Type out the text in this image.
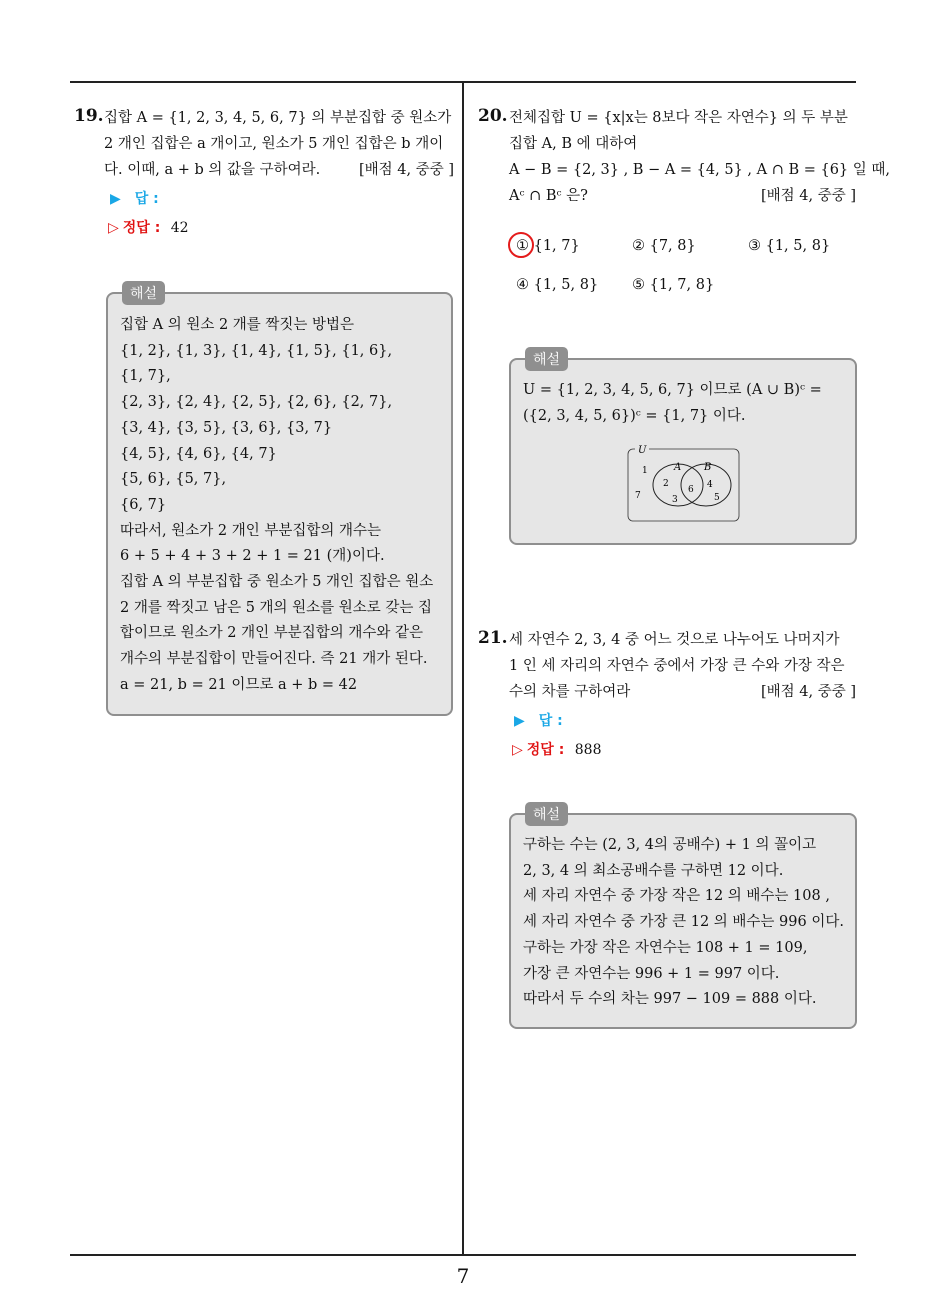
7
19. 집합 A = {1, 2, 3, 4, 5, 6, 7} 의 부분집합 중 원소가
2 개인 집합은 a 개이고, 원소가 5 개인 집합은 b 개이
다. 이때, a + b 의 값을 구하여라.	[배점 4, 중중 ]
▶ 답 :
▷ 정답 : 42
해설
집합 A 의 원소 2 개를 짝짓는 방법은
{1, 2}, {1, 3}, {1, 4}, {1, 5}, {1, 6},
{1, 7},
{2, 3}, {2, 4}, {2, 5}, {2, 6}, {2, 7},
{3, 4}, {3, 5}, {3, 6}, {3, 7}
{4, 5}, {4, 6}, {4, 7}
{5, 6}, {5, 7},
{6, 7}
따라서, 원소가 2 개인 부분집합의 개수는
6 + 5 + 4 + 3 + 2 + 1 = 21 (개)이다.
집합 A 의 부분집합 중 원소가 5 개인 집합은 원소
2 개를 짝짓고 남은 5 개의 원소를 원소로 갖는 집
합이므로 원소가 2 개인 부분집합의 개수와 같은
개수의 부분집합이 만들어진다. 즉 21 개가 된다.
a = 21, b = 21 이므로 a + b = 42
20. 전체집합 U = {x|x는 8보다 작은 자연수} 의 두 부분
집합 A, B 에 대하여
A − B = {2, 3} , B − A = {4, 5} , A ∩ B = {6} 일 때,
Aᶜ ∩ Bᶜ 은?	[배점 4, 중중 ]
① {1, 7}	② {7, 8}	③ {1, 5, 8}
④ {1, 5, 8} ⑤ {1, 7, 8}
해설
U = {1, 2, 3, 4, 5, 6, 7} 이므로 (A ∪ B)ᶜ =
({2, 3, 4, 5, 6})ᶜ = {1, 7} 이다.
U
A B
1
7
2
3
6 4
5
21. 세 자연수 2, 3, 4 중 어느 것으로 나누어도 나머지가
1 인 세 자리의 자연수 중에서 가장 큰 수와 가장 작은
수의 차를 구하여라	[배점 4, 중중 ]
▶ 답 :
▷ 정답 : 888
해설
구하는 수는 (2, 3, 4의 공배수) + 1 의 꼴이고
2, 3, 4 의 최소공배수를 구하면 12 이다.
세 자리 자연수 중 가장 작은 12 의 배수는 108 ,
세 자리 자연수 중 가장 큰 12 의 배수는 996 이다.
구하는 가장 작은 자연수는 108 + 1 = 109,
가장 큰 자연수는 996 + 1 = 997 이다.
따라서 두 수의 차는 997 − 109 = 888 이다.
